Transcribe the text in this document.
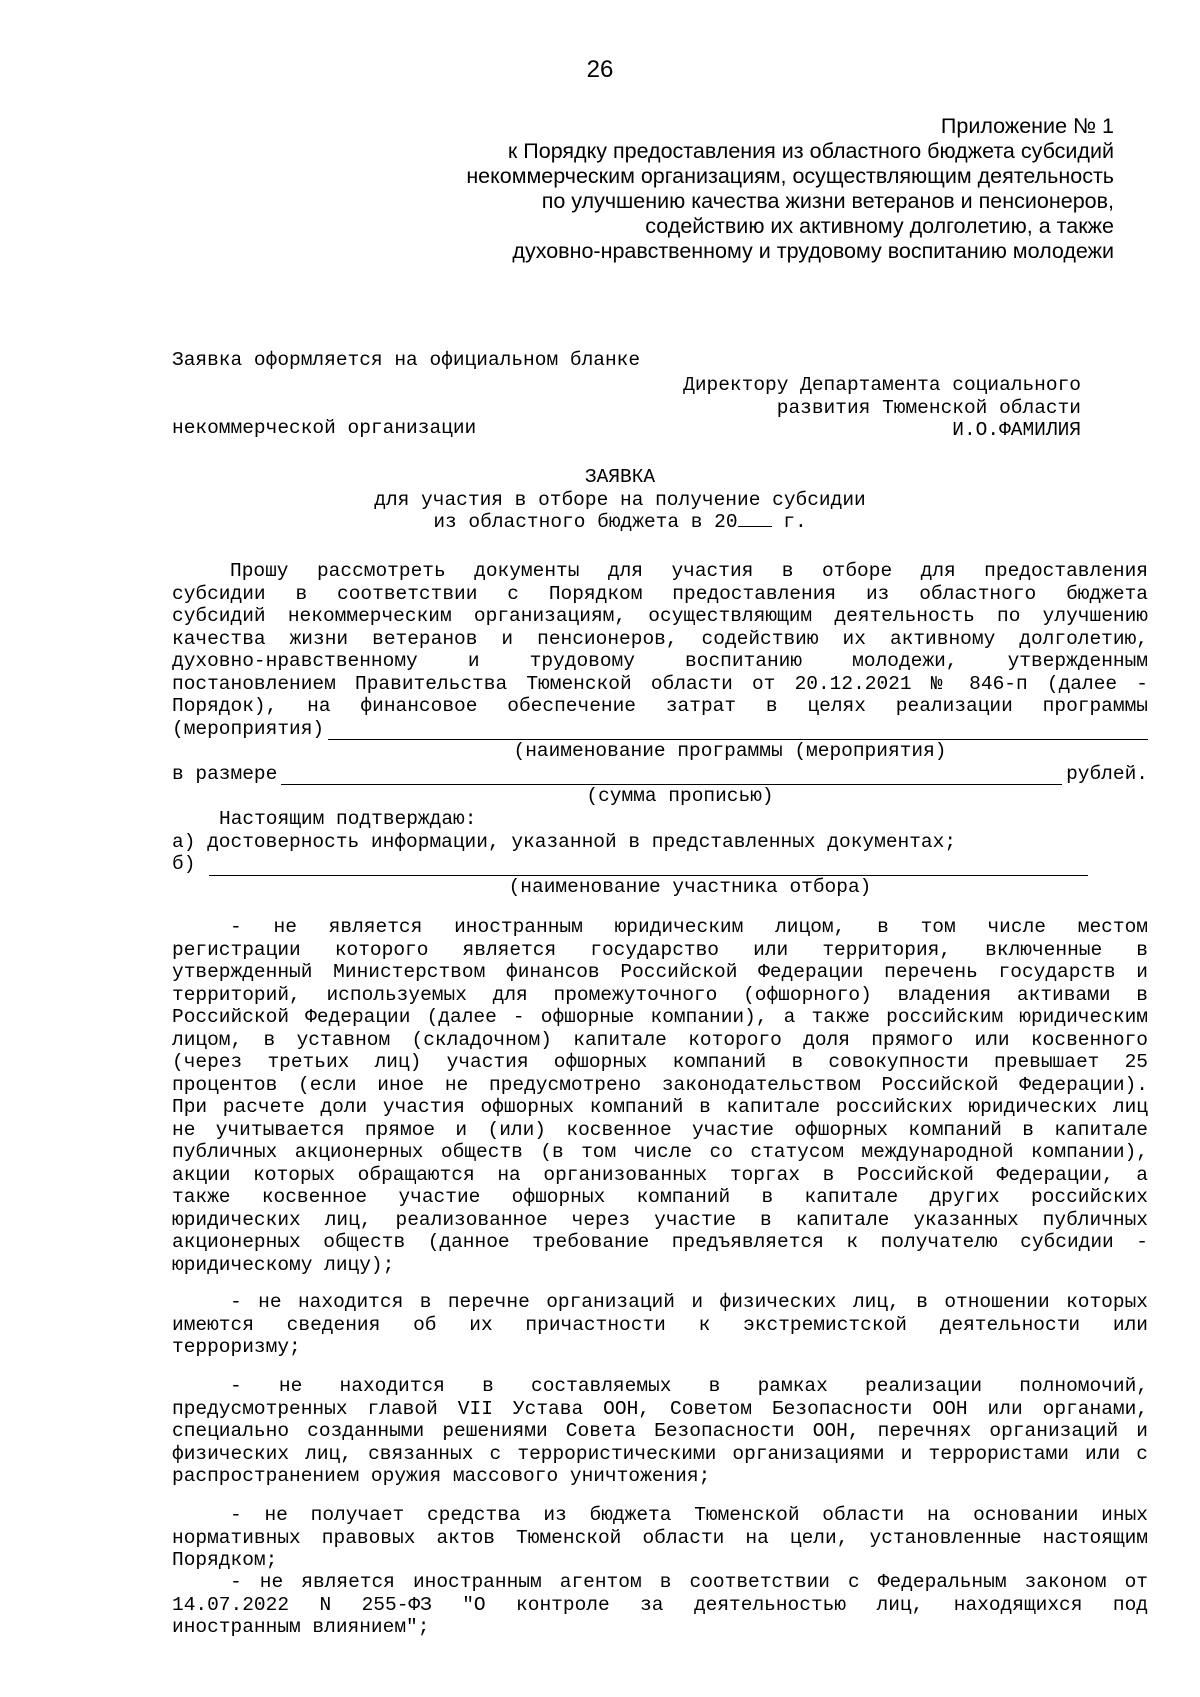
26
Приложение № 1
к Порядку предоставления из областного бюджета субсидий
некоммерческим организациям, осуществляющим деятельность
по улучшению качества жизни ветеранов и пенсионеров,
содействию их активному долголетию, а также
духовно-нравственному и трудовому воспитанию молодежи

Заявка оформляется на официальном бланке

некоммерческой организации

Директору Департамента социального
развития Тюменской области
И.О.ФАМИЛИЯ
ЗАЯВКА
для участия в отборе на получение субсидии
из областного бюджета в 20 г.
Прошу рассмотреть документы для участия в отборе для предоставления
субсидии в соответствии с Порядком предоставления из областного бюджета
субсидий некоммерческим организациям, осуществляющим деятельность по улучшению
качества жизни ветеранов и пенсионеров, содействию их активному долголетию,
духовно-нравственному и трудовому воспитанию молодежи, утвержденным
постановлением Правительства Тюменской области от 20.12.2021 № 846-п (далее -
Порядок), на финансовое обеспечение затрат в целях реализации программы
(мероприятия)
(наименование программы (мероприятия)
в размере	рублей.
(сумма прописью)
Настоящим подтверждаю:
а) достоверность информации, указанной в представленных документах;
б)
(наименование участника отбора)
- не является иностранным юридическим лицом, в том числе местом
регистрации которого является государство или территория, включенные в
утвержденный Министерством финансов Российской Федерации перечень государств и
территорий, используемых для промежуточного (офшорного) владения активами в
Российской Федерации (далее - офшорные компании), а также российским юридическим
лицом, в уставном (складочном) капитале которого доля прямого или косвенного
(через третьих лиц) участия офшорных компаний в совокупности превышает 25
процентов (если иное не предусмотрено законодательством Российской Федерации).
При расчете доли участия офшорных компаний в капитале российских юридических лиц
не учитывается прямое и (или) косвенное участие офшорных компаний в капитале
публичных акционерных обществ (в том числе со статусом международной компании),
акции которых обращаются на организованных торгах в Российской Федерации, а
также косвенное участие офшорных компаний в капитале других российских
юридических лиц, реализованное через участие в капитале указанных публичных
акционерных обществ (данное требование предъявляется к получателю субсидии -
юридическому лицу);
- не находится в перечне организаций и физических лиц, в отношении которых
имеются сведения об их причастности к экстремистской деятельности или
терроризму;
- не находится в составляемых в рамках реализации полномочий,
предусмотренных главой VII Устава ООН, Советом Безопасности ООН или органами,
специально созданными решениями Совета Безопасности ООН, перечнях организаций и
физических лиц, связанных с террористическими организациями и террористами или с
распространением оружия массового уничтожения;
- не получает средства из бюджета Тюменской области на основании иных
нормативных правовых актов Тюменской области на цели, установленные настоящим
Порядком;
- не является иностранным агентом в соответствии с Федеральным законом от
14.07.2022 N 255-ФЗ "О контроле за деятельностью лиц, находящихся под
иностранным влиянием";
